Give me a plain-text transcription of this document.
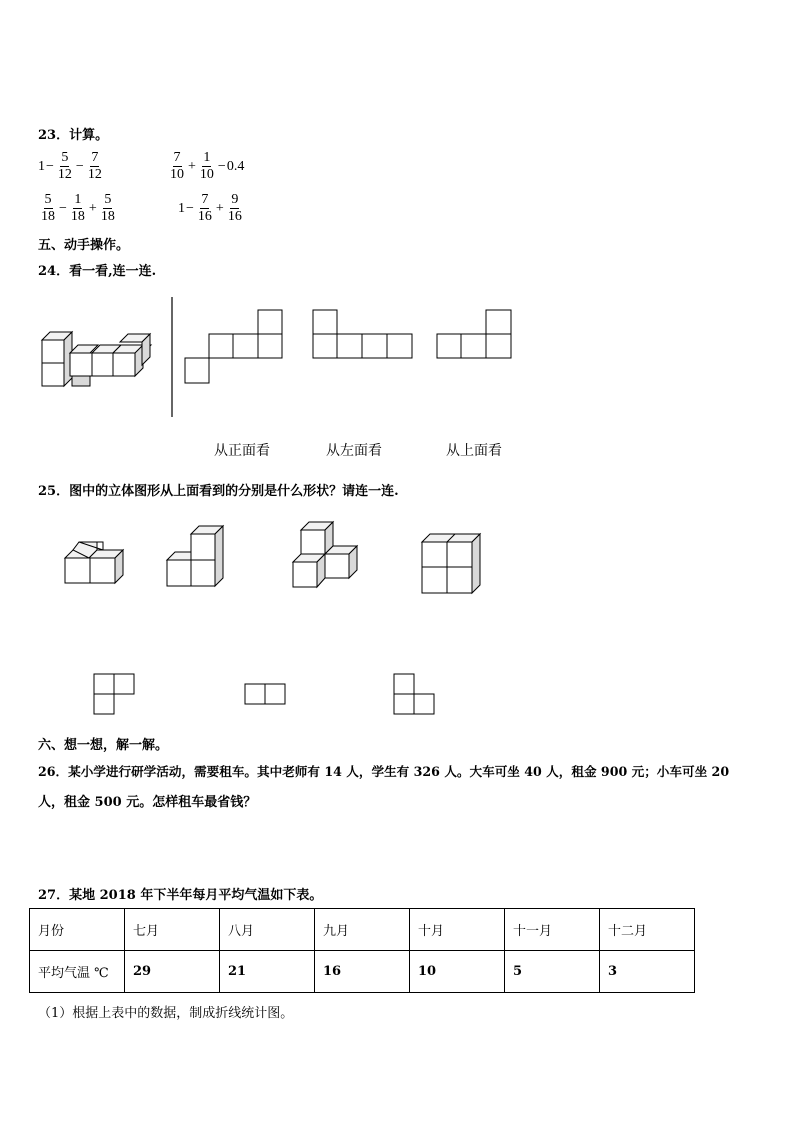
23．计算。
$1 - \frac{5}{12} - \frac{7}{12}$	$\frac{7}{10} + \frac{1}{10} - 0.4$
$\frac{5}{18} - \frac{1}{18} + \frac{5}{18}$	$1 - \frac{7}{16} + \frac{9}{16}$
五、动手操作。
24．看一看,连一连.
从正面看	从左面看	从上面看
25．图中的立体图形从上面看到的分别是什么形状？请连一连.
六、想一想，解一解。
26．某小学进行研学活动，需要租车。其中老师有 14 人，学生有 326 人。大车可坐 40 人，租金 900 元；小车可坐 20
人，租金 500 元。怎样租车最省钱？
27．某地 2018 年下半年每月平均气温如下表。
月份	七月	八月	九月	十月	十一月	十二月
平均气温 ℃	29	21	16	10	5	3
（1）根据上表中的数据，制成折线统计图。
